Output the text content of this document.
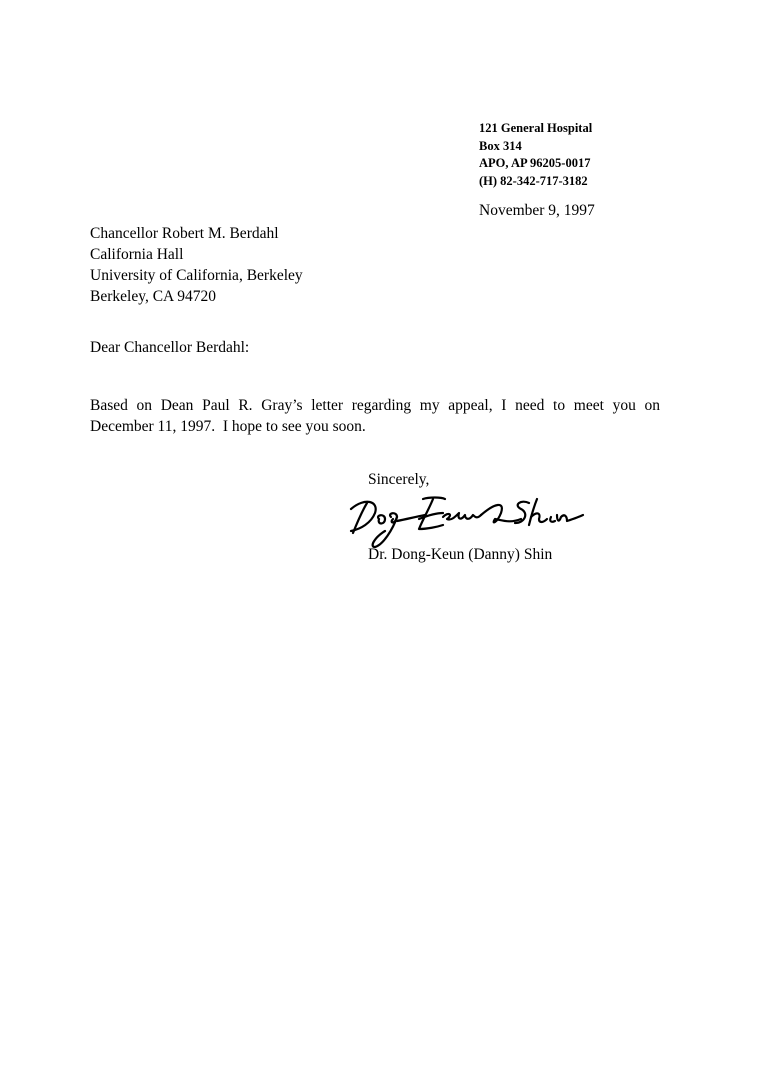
121 General Hospital
Box 314
APO, AP 96205-0017
(H) 82-342-717-3182
November 9, 1997
Chancellor Robert M. Berdahl
California Hall
University of California, Berkeley
Berkeley, CA 94720
Dear Chancellor Berdahl:
Based on Dean Paul R. Gray’s letter regarding my appeal, I need to meet you on
December 11, 1997.  I hope to see you soon.
Sincerely,
Dr. Dong-Keun (Danny) Shin
